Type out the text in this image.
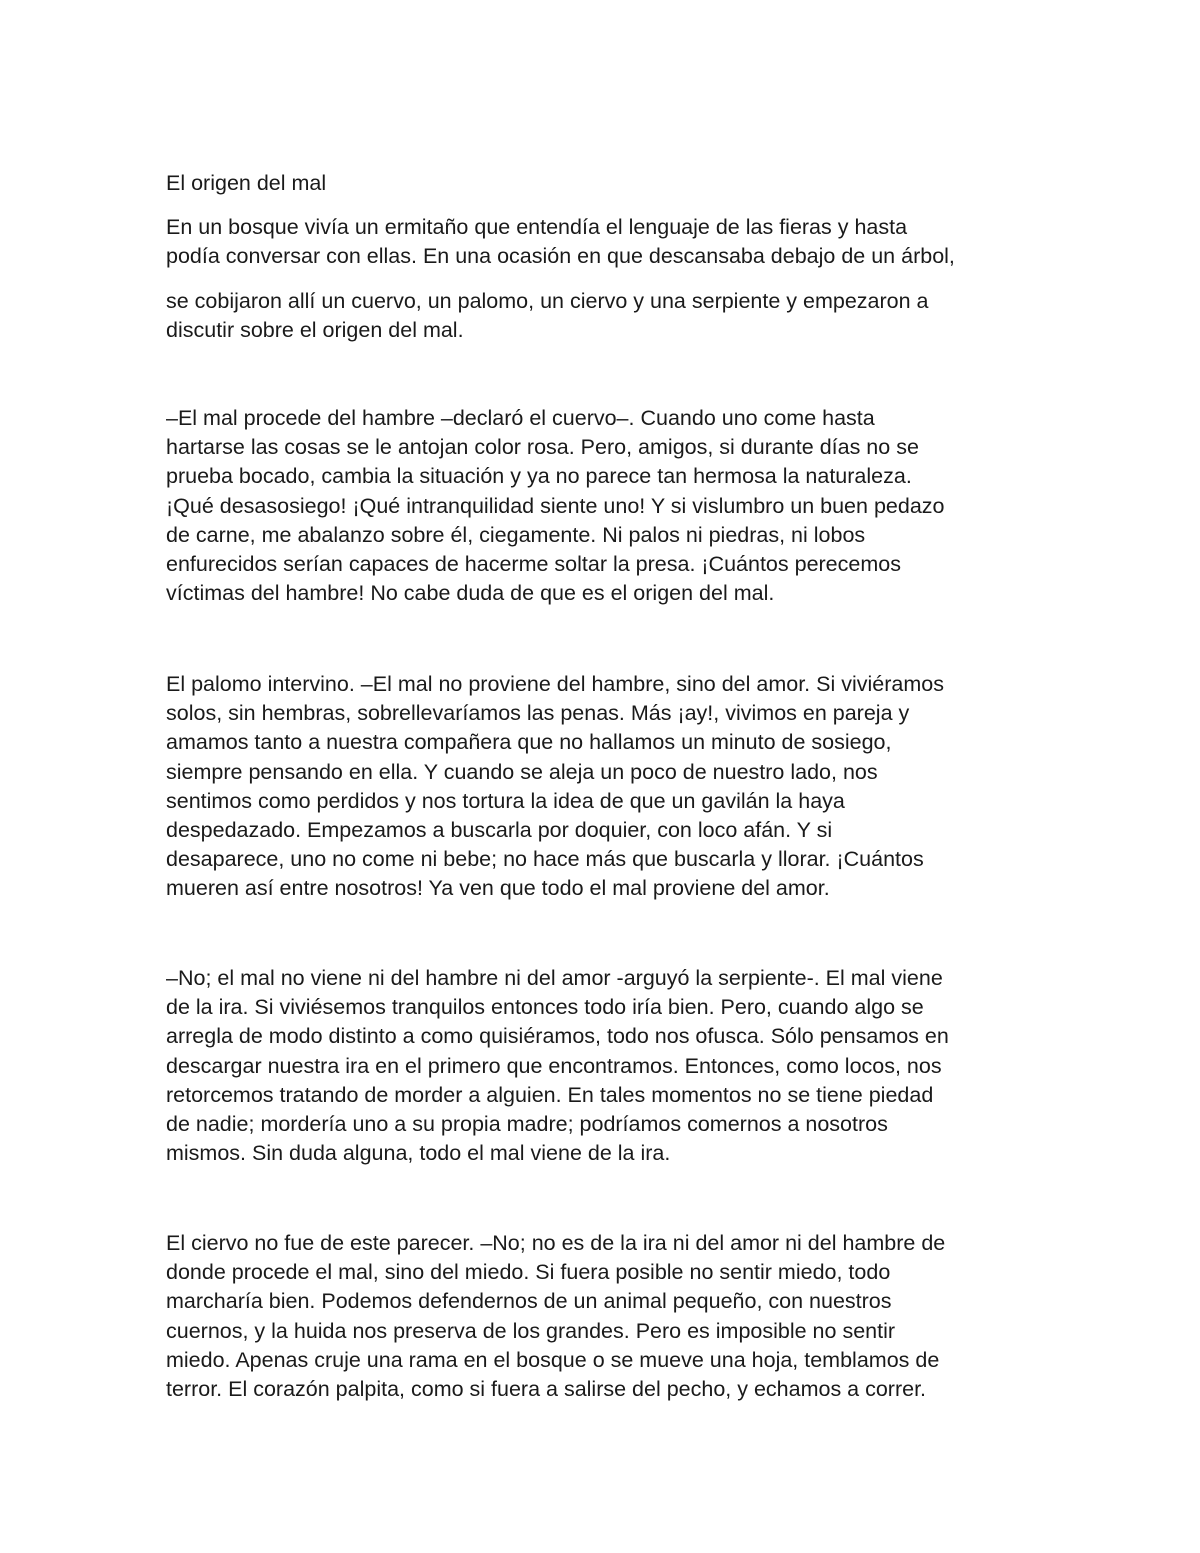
El origen del mal
En un bosque vivía un ermitaño que entendía el lenguaje de las fieras y hasta
podía conversar con ellas. En una ocasión en que descansaba debajo de un árbol,
se cobijaron allí un cuervo, un palomo, un ciervo y una serpiente y empezaron a
discutir sobre el origen del mal.
–El mal procede del hambre –declaró el cuervo–. Cuando uno come hasta
hartarse las cosas se le antojan color rosa. Pero, amigos, si durante días no se
prueba bocado, cambia la situación y ya no parece tan hermosa la naturaleza.
¡Qué desasosiego! ¡Qué intranquilidad siente uno! Y si vislumbro un buen pedazo
de carne, me abalanzo sobre él, ciegamente. Ni palos ni piedras, ni lobos
enfurecidos serían capaces de hacerme soltar la presa. ¡Cuántos perecemos
víctimas del hambre! No cabe duda de que es el origen del mal.
El palomo intervino. –El mal no proviene del hambre, sino del amor. Si viviéramos
solos, sin hembras, sobrellevaríamos las penas. Más ¡ay!, vivimos en pareja y
amamos tanto a nuestra compañera que no hallamos un minuto de sosiego,
siempre pensando en ella. Y cuando se aleja un poco de nuestro lado, nos
sentimos como perdidos y nos tortura la idea de que un gavilán la haya
despedazado. Empezamos a buscarla por doquier, con loco afán. Y si
desaparece, uno no come ni bebe; no hace más que buscarla y llorar. ¡Cuántos
mueren así entre nosotros! Ya ven que todo el mal proviene del amor.
–No; el mal no viene ni del hambre ni del amor -arguyó la serpiente-. El mal viene
de la ira. Si viviésemos tranquilos entonces todo iría bien. Pero, cuando algo se
arregla de modo distinto a como quisiéramos, todo nos ofusca. Sólo pensamos en
descargar nuestra ira en el primero que encontramos. Entonces, como locos, nos
retorcemos tratando de morder a alguien. En tales momentos no se tiene piedad
de nadie; mordería uno a su propia madre; podríamos comernos a nosotros
mismos. Sin duda alguna, todo el mal viene de la ira.
El ciervo no fue de este parecer. –No; no es de la ira ni del amor ni del hambre de
donde procede el mal, sino del miedo. Si fuera posible no sentir miedo, todo
marcharía bien. Podemos defendernos de un animal pequeño, con nuestros
cuernos, y la huida nos preserva de los grandes. Pero es imposible no sentir
miedo. Apenas cruje una rama en el bosque o se mueve una hoja, temblamos de
terror. El corazón palpita, como si fuera a salirse del pecho, y echamos a correr.
